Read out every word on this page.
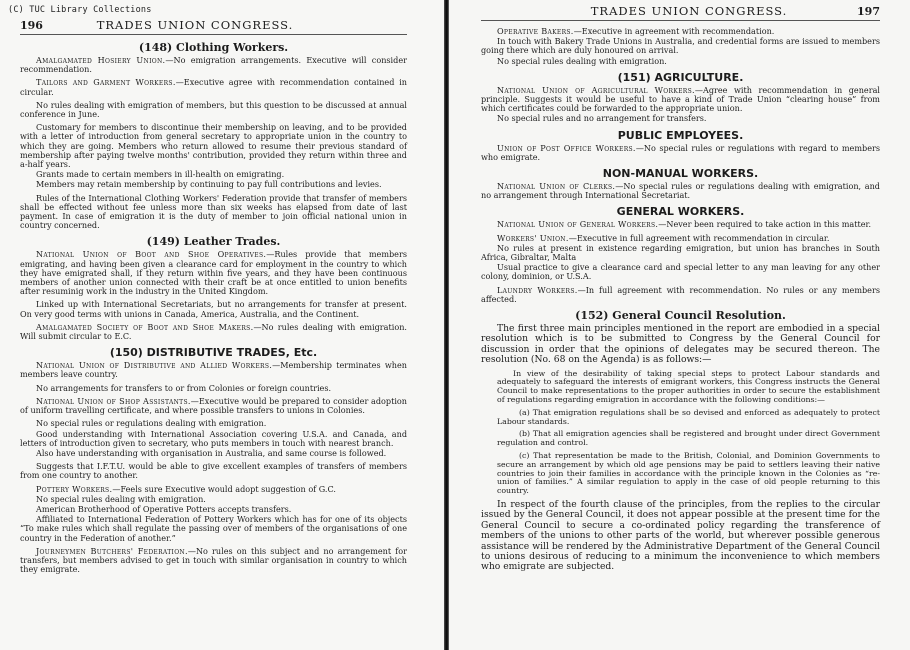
(C) TUC Library Collections
196	TRADES UNION CONGRESS.
(148) Clothing Workers.

Amalgamated Hosiery Union.—No emigration arrangements. Executive will consider recommendation.

Tailors and Garment Workers.—Executive agree with recommendation contained in circular.

No rules dealing with emigration of members, but this question to be discussed at annual conference in June.

Customary for members to discontinue their membership on leaving, and to be provided with a letter of introduction from general secretary to appropriate union in the country to which they are going. Members who return allowed to resume their previous standard of membership after paying twelve months' contribution, provided they return within three and a-half years.

Grants made to certain members in ill-health on emigrating.

Members may retain membership by continuing to pay full contributions and levies.

Rules of the International Clothing Workers' Federation provide that transfer of members shall be effected without fee unless more than six weeks has elapsed from date of last payment. In case of emigration it is the duty of member to join official national union in country concerned.

(149) Leather Trades.

National Union of Boot and Shoe Operatives.—Rules provide that members emigrating, and having been given a clearance card for employment in the country to which they have emigrated shall, if they return within five years, and they have been continuous members of another union connected with their craft be at once entitled to union benefits after resuminig work in the industry in the United Kingdom.

Linked up with International Secretariats, but no arrangements for transfer at present. On very good terms with unions in Canada, America, Australia, and the Continent.

Amalgamated Society of Boot and Shoe Makers.—No rules dealing with emigration. Will submit circular to E.C.

(150) DISTRIBUTIVE TRADES, Etc.

National Union of Distributive and Allied Workers.—Membership terminates when members leave country.

No arrangements for transfers to or from Colonies or foreign countries.

National Union of Shop Assistants.—Executive would be prepared to consider adoption of uniform travelling certificate, and where possible transfers to unions in Colonies.

No special rules or regulations dealing with emigration.

Good understanding with International Association covering U.S.A. and Canada, and letters of introduction given to secretary, who puts members in touch with nearest branch.

Also have understanding with organisation in Australia, and same course is followed.

Suggests that I.F.T.U. would be able to give excellent examples of transfers of members from one country to another.

Pottery Workers.—Feels sure Executive would adopt suggestion of G.C.

No special rules dealing with emigration.

American Brotherhood of Operative Potters accepts transfers.

Affiliated to International Federation of Pottery Workers which has for one of its objects “To make rules which shall regulate the passing over of members of the organisations of one country in the Federation of another.”

Journeymen Butchers' Federation.—No rules on this subject and no arrangement for transfers, but members advised to get in touch with similar organisation in country to which they emigrate.

TRADES UNION CONGRESS.	197

Operative Bakers.—Executive in agreement with recommendation.

In touch with Bakery Trade Unions in Australia, and credential forms are issued to members going there which are duly honoured on arrival.

No special rules dealing with emigration.

(151) AGRICULTURE.

National Union of Agricultural Workers.—Agree with recommendation in general principle. Suggests it would be useful to have a kind of Trade Union “clearing house” from which certificates could be forwarded to the appropriate union.

No special rules and no arrangement for transfers.

PUBLIC EMPLOYEES.

Union of Post Office Workers.—No special rules or regulations with regard to members who emigrate.

NON-MANUAL WORKERS.

National Union of Clerks.—No special rules or regulations dealing with emigration, and no arrangement through International Secretariat.

GENERAL WORKERS.

National Union of General Workers.—Never been required to take action in this matter.

Workers' Union.—Executive in full agreement with recommendation in circular.

No rules at present in existence regarding emigration, but union has branches in South Africa, Gibraltar, Malta

Usual practice to give a clearance card and special letter to any man leaving for any other colony, dominion, or U.S.A.

Laundry Workers.—In full agreement with recommendation. No rules or any members affected.

(152) General Council Resolution.

The first three main principles mentioned in the report are embodied in a special resolution which is to be submitted to Congress by the General Council for discussion in order that the opinions of delegates may be secured thereon. The resolution (No. 68 on the Agenda) is as follows:—

In view of the desirability of taking special steps to protect Labour standards and adequately to safeguard the interests of emigrant workers, this Congress instructs the General Council to make representations to the proper authorities in order to secure the establishment of regulations regarding emigration in accordance with the following conditions:—

(a) That emigration regulations shall be so devised and enforced as adequately to protect Labour standards.

(b) That all emigration agencies shall be registered and brought under direct Government regulation and control.

(c) That representation be made to the British, Colonial, and Dominion Governments to secure an arrangement by which old age pensions may be paid to settlers leaving their native countries to join their families in accordance with the principle known in the Colonies as “re-union of families.” A similar regulation to apply in the case of old people returning to this country.

In respect of the fourth clause of the principles, from the replies to the circular issued by the General Council, it does not appear possible at the present time for the General Council to secure a co-ordinated policy regarding the transference of members of the unions to other parts of the world, but wherever possible generous assistance will be rendered by the Administrative Department of the General Council to unions desirous of reducing to a minimum the inconvenience to which members who emigrate are subjected.
